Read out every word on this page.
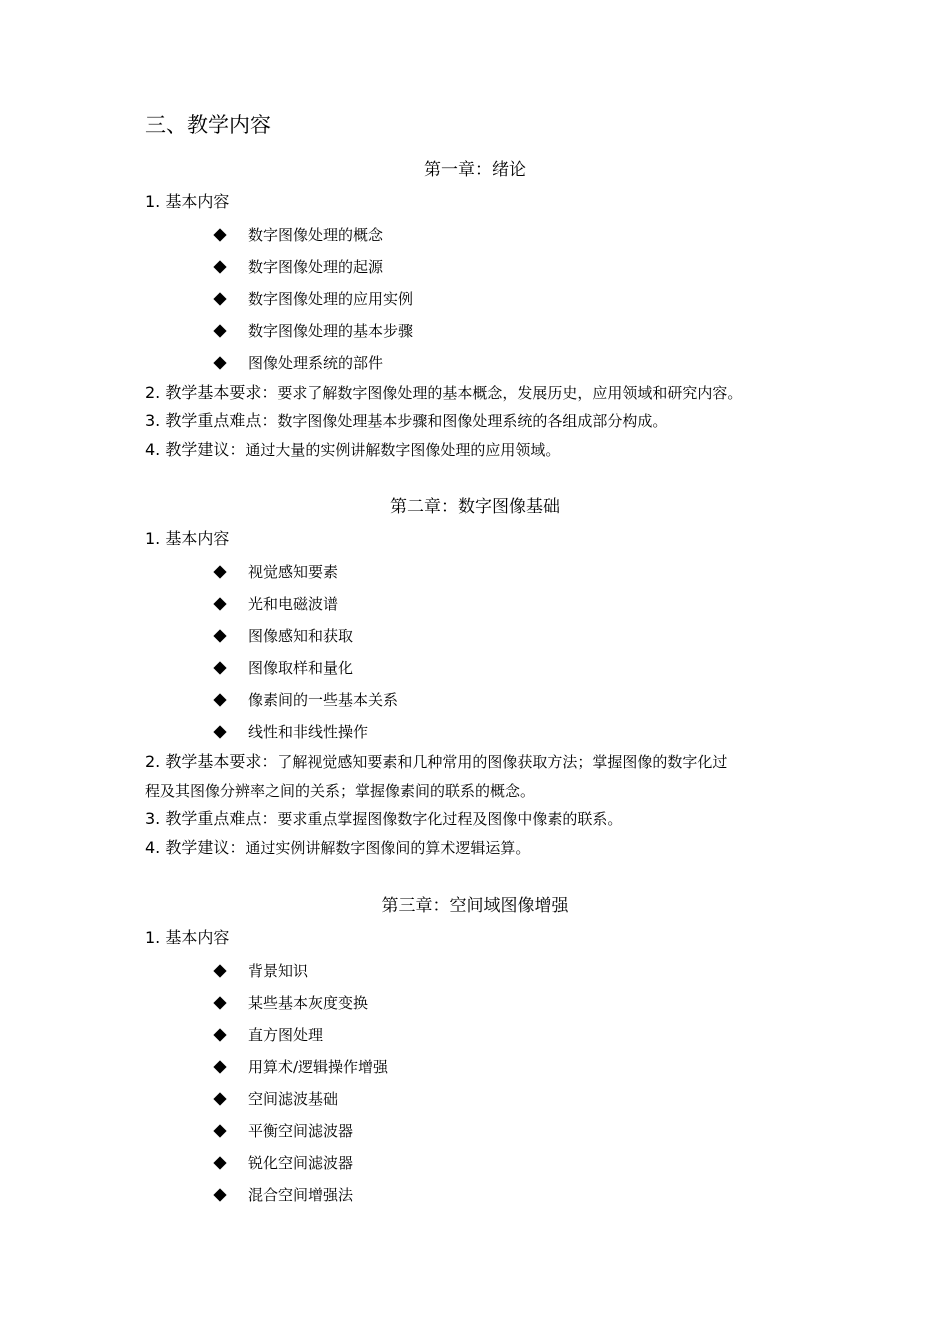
三、教学内容
第一章：绪论
1. 基本内容
数字图像处理的概念
数字图像处理的起源
数字图像处理的应用实例
数字图像处理的基本步骤
图像处理系统的部件
2. 教学基本要求：要求了解数字图像处理的基本概念，发展历史，应用领域和研究内容。
3. 教学重点难点：数字图像处理基本步骤和图像处理系统的各组成部分构成。
4. 教学建议：通过大量的实例讲解数字图像处理的应用领域。
第二章：数字图像基础
1. 基本内容
视觉感知要素
光和电磁波谱
图像感知和获取
图像取样和量化
像素间的一些基本关系
线性和非线性操作
2. 教学基本要求：了解视觉感知要素和几种常用的图像获取方法；掌握图像的数字化过
程及其图像分辨率之间的关系；掌握像素间的联系的概念。
3. 教学重点难点：要求重点掌握图像数字化过程及图像中像素的联系。
4. 教学建议：通过实例讲解数字图像间的算术逻辑运算。
第三章：空间域图像增强
1. 基本内容
背景知识
某些基本灰度变换
直方图处理
用算术/逻辑操作增强
空间滤波基础
平衡空间滤波器
锐化空间滤波器
混合空间增强法
